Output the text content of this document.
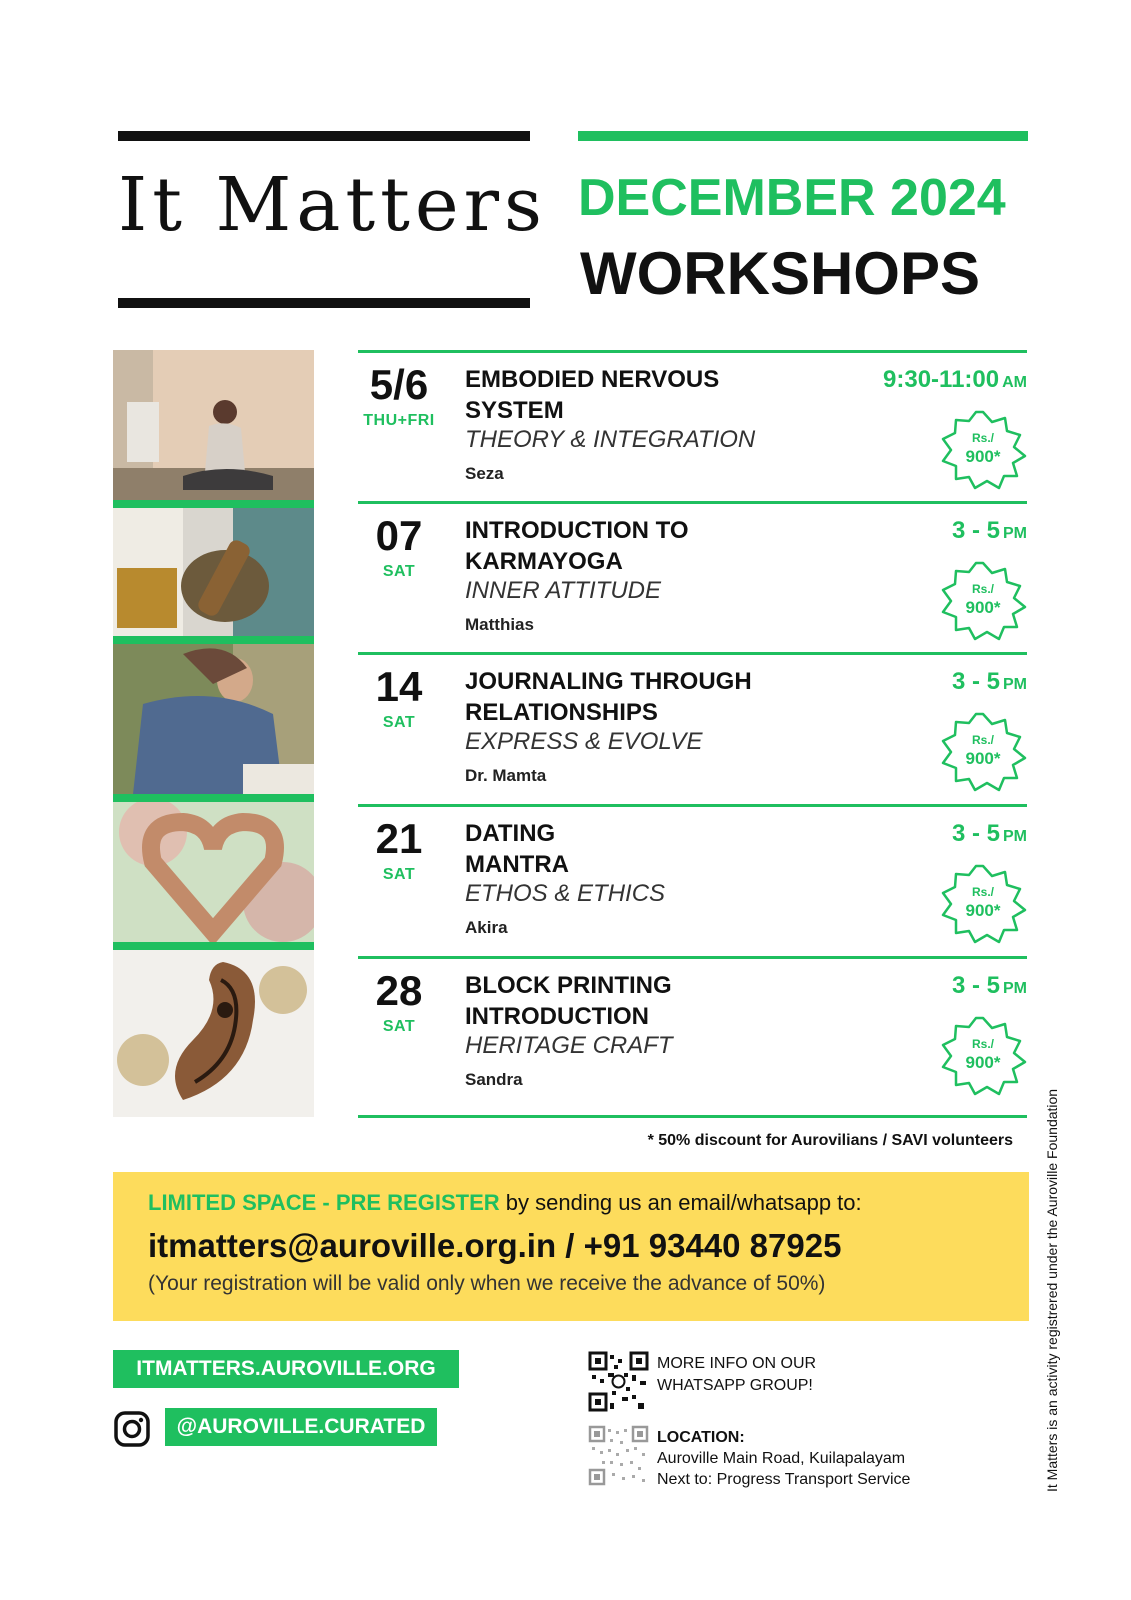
It Matters DECEMBER 2024
WORKSHOPS
5/6
THU+FRI
EMBODIED NERVOUS SYSTEM
THEORY & INTEGRATION
Seza
9:30-11:00 AM
Rs./
900*
07
SAT
INTRODUCTION TO KARMAYOGA
INNER ATTITUDE
Matthias
3 - 5 PM
Rs./
900*
14
SAT
JOURNALING THROUGH RELATIONSHIPS
EXPRESS & EVOLVE
Dr. Mamta
3 - 5 PM
Rs./
900*
21
SAT
DATING MANTRA
ETHOS & ETHICS
Akira
3 - 5 PM
Rs./
900*
28
SAT
BLOCK PRINTING INTRODUCTION
HERITAGE CRAFT
Sandra
3 - 5 PM
Rs./
900*
* 50% discount for Aurovilians / SAVI volunteers
LIMITED SPACE - PRE REGISTER by sending us an email/whatsapp to:
itmatters@auroville.org.in / +91 93440 87925
(Your registration will be valid only when we receive the advance of 50%)
ITMATTERS.AUROVILLE.ORG
@AUROVILLE.CURATED
MORE INFO ON OUR
WHATSAPP GROUP!
LOCATION:
Auroville Main Road, Kuilapalayam
Next to: Progress Transport Service	It Matters is an activity registrered under the Auroville Foundation
